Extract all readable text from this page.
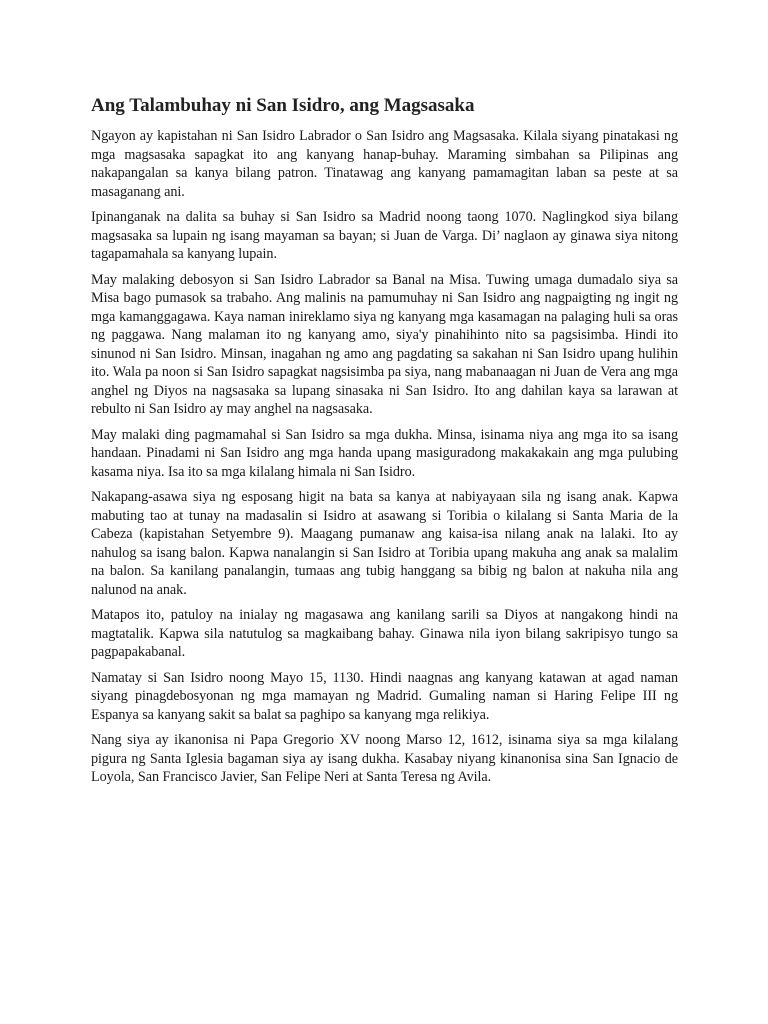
Ang Talambuhay ni San Isidro, ang Magsasaka

Ngayon ay kapistahan ni San Isidro Labrador o San Isidro ang Magsasaka. Kilala siyang pinatakasi ng mga magsasaka sapagkat ito ang kanyang hanap-buhay. Maraming simbahan sa Pilipinas ang nakapangalan sa kanya bilang patron. Tinatawag ang kanyang pamamagitan laban sa peste at sa masaganang ani.

Ipinanganak na dalita sa buhay si San Isidro sa Madrid noong taong 1070. Naglingkod siya bilang magsasaka sa lupain ng isang mayaman sa bayan; si Juan de Varga. Di’ naglaon ay ginawa siya nitong tagapamahala sa kanyang lupain.

May malaking debosyon si San Isidro Labrador sa Banal na Misa. Tuwing umaga dumadalo siya sa Misa bago pumasok sa trabaho. Ang malinis na pamumuhay ni San Isidro ang nagpaigting ng ingit ng mga kamanggagawa. Kaya naman inireklamo siya ng kanyang mga kasamagan na palaging huli sa oras ng paggawa. Nang malaman ito ng kanyang amo, siya'y pinahihinto nito sa pagsisimba. Hindi ito sinunod ni San Isidro. Minsan, inagahan ng amo ang pagdating sa sakahan ni San Isidro upang hulihin ito. Wala pa noon si San Isidro sapagkat nagsisimba pa siya, nang mabanaagan ni Juan de Vera ang mga anghel ng Diyos na nagsasaka sa lupang sinasaka ni San Isidro. Ito ang dahilan kaya sa larawan at rebulto ni San Isidro ay may anghel na nagsasaka.

May malaki ding pagmamahal si San Isidro sa mga dukha. Minsa, isinama niya ang mga ito sa isang handaan. Pinadami ni San Isidro ang mga handa upang masiguradong makakakain ang mga pulubing kasama niya. Isa ito sa mga kilalang himala ni San Isidro.

Nakapang-asawa siya ng esposang higit na bata sa kanya at nabiyayaan sila ng isang anak. Kapwa mabuting tao at tunay na madasalin si Isidro at asawang si Toribia o kilalang si Santa Maria de la Cabeza (kapistahan Setyembre 9). Maagang pumanaw ang kaisa-isa nilang anak na lalaki. Ito ay nahulog sa isang balon. Kapwa nanalangin si San Isidro at Toribia upang makuha ang anak sa malalim na balon. Sa kanilang panalangin, tumaas ang tubig hanggang sa bibig ng balon at nakuha nila ang nalunod na anak.

Matapos ito, patuloy na inialay ng magasawa ang kanilang sarili sa Diyos at nangakong hindi na magtatalik. Kapwa sila natutulog sa magkaibang bahay. Ginawa nila iyon bilang sakripisyo tungo sa pagpapakabanal.

Namatay si San Isidro noong Mayo 15, 1130. Hindi naagnas ang kanyang katawan at agad naman siyang pinagdebosyonan ng mga mamayan ng Madrid. Gumaling naman si Haring Felipe III ng Espanya sa kanyang sakit sa balat sa paghipo sa kanyang mga relikiya.

Nang siya ay ikanonisa ni Papa Gregorio XV noong Marso 12, 1612, isinama siya sa mga kilalang pigura ng Santa Iglesia bagaman siya ay isang dukha. Kasabay niyang kinanonisa sina San Ignacio de Loyola, San Francisco Javier, San Felipe Neri at Santa Teresa ng Avila.
